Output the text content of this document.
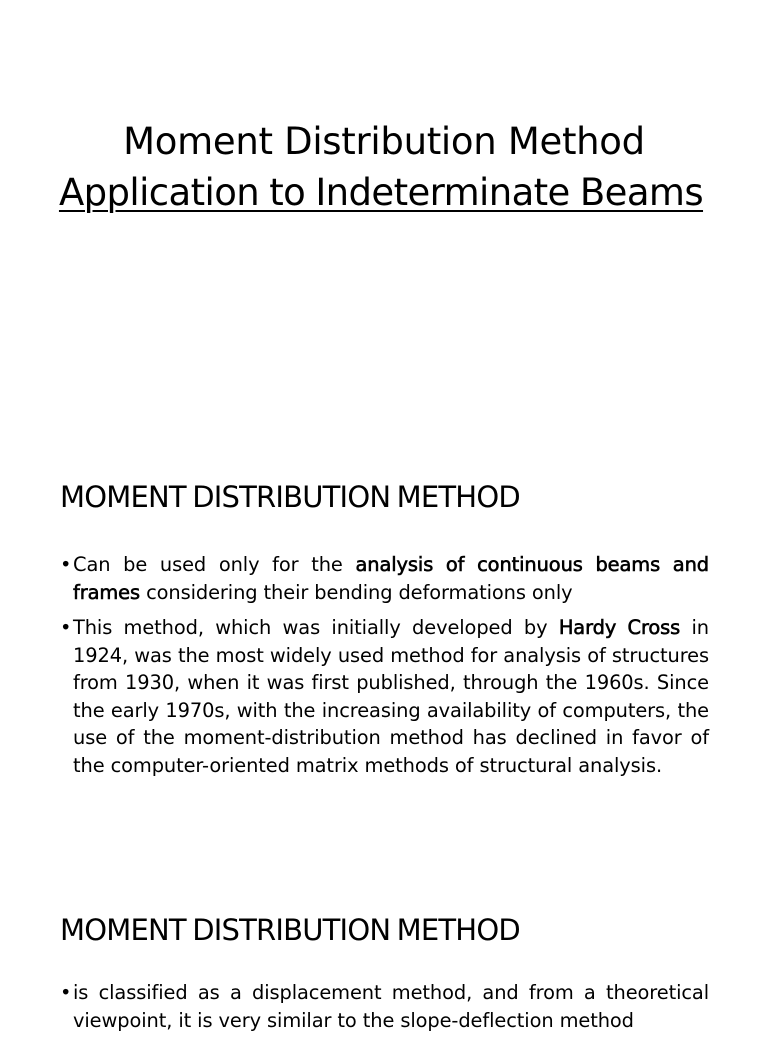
Moment Distribution Method
Application to Indeterminate Beams
MOMENT DISTRIBUTION METHOD
• Can be used only for the analysis of continuous beams and frames considering their bending deformations only
• This method, which was initially developed by Hardy Cross in 1924, was the most widely used method for analysis of structures from 1930, when it was first published, through the 1960s. Since the early 1970s, with the increasing availability of computers, the use of the moment-distribution method has declined in favor of the computer-oriented matrix methods of structural analysis.
MOMENT DISTRIBUTION METHOD
• is classified as a displacement method, and from a theoretical viewpoint, it is very similar to the slope-deflection method
